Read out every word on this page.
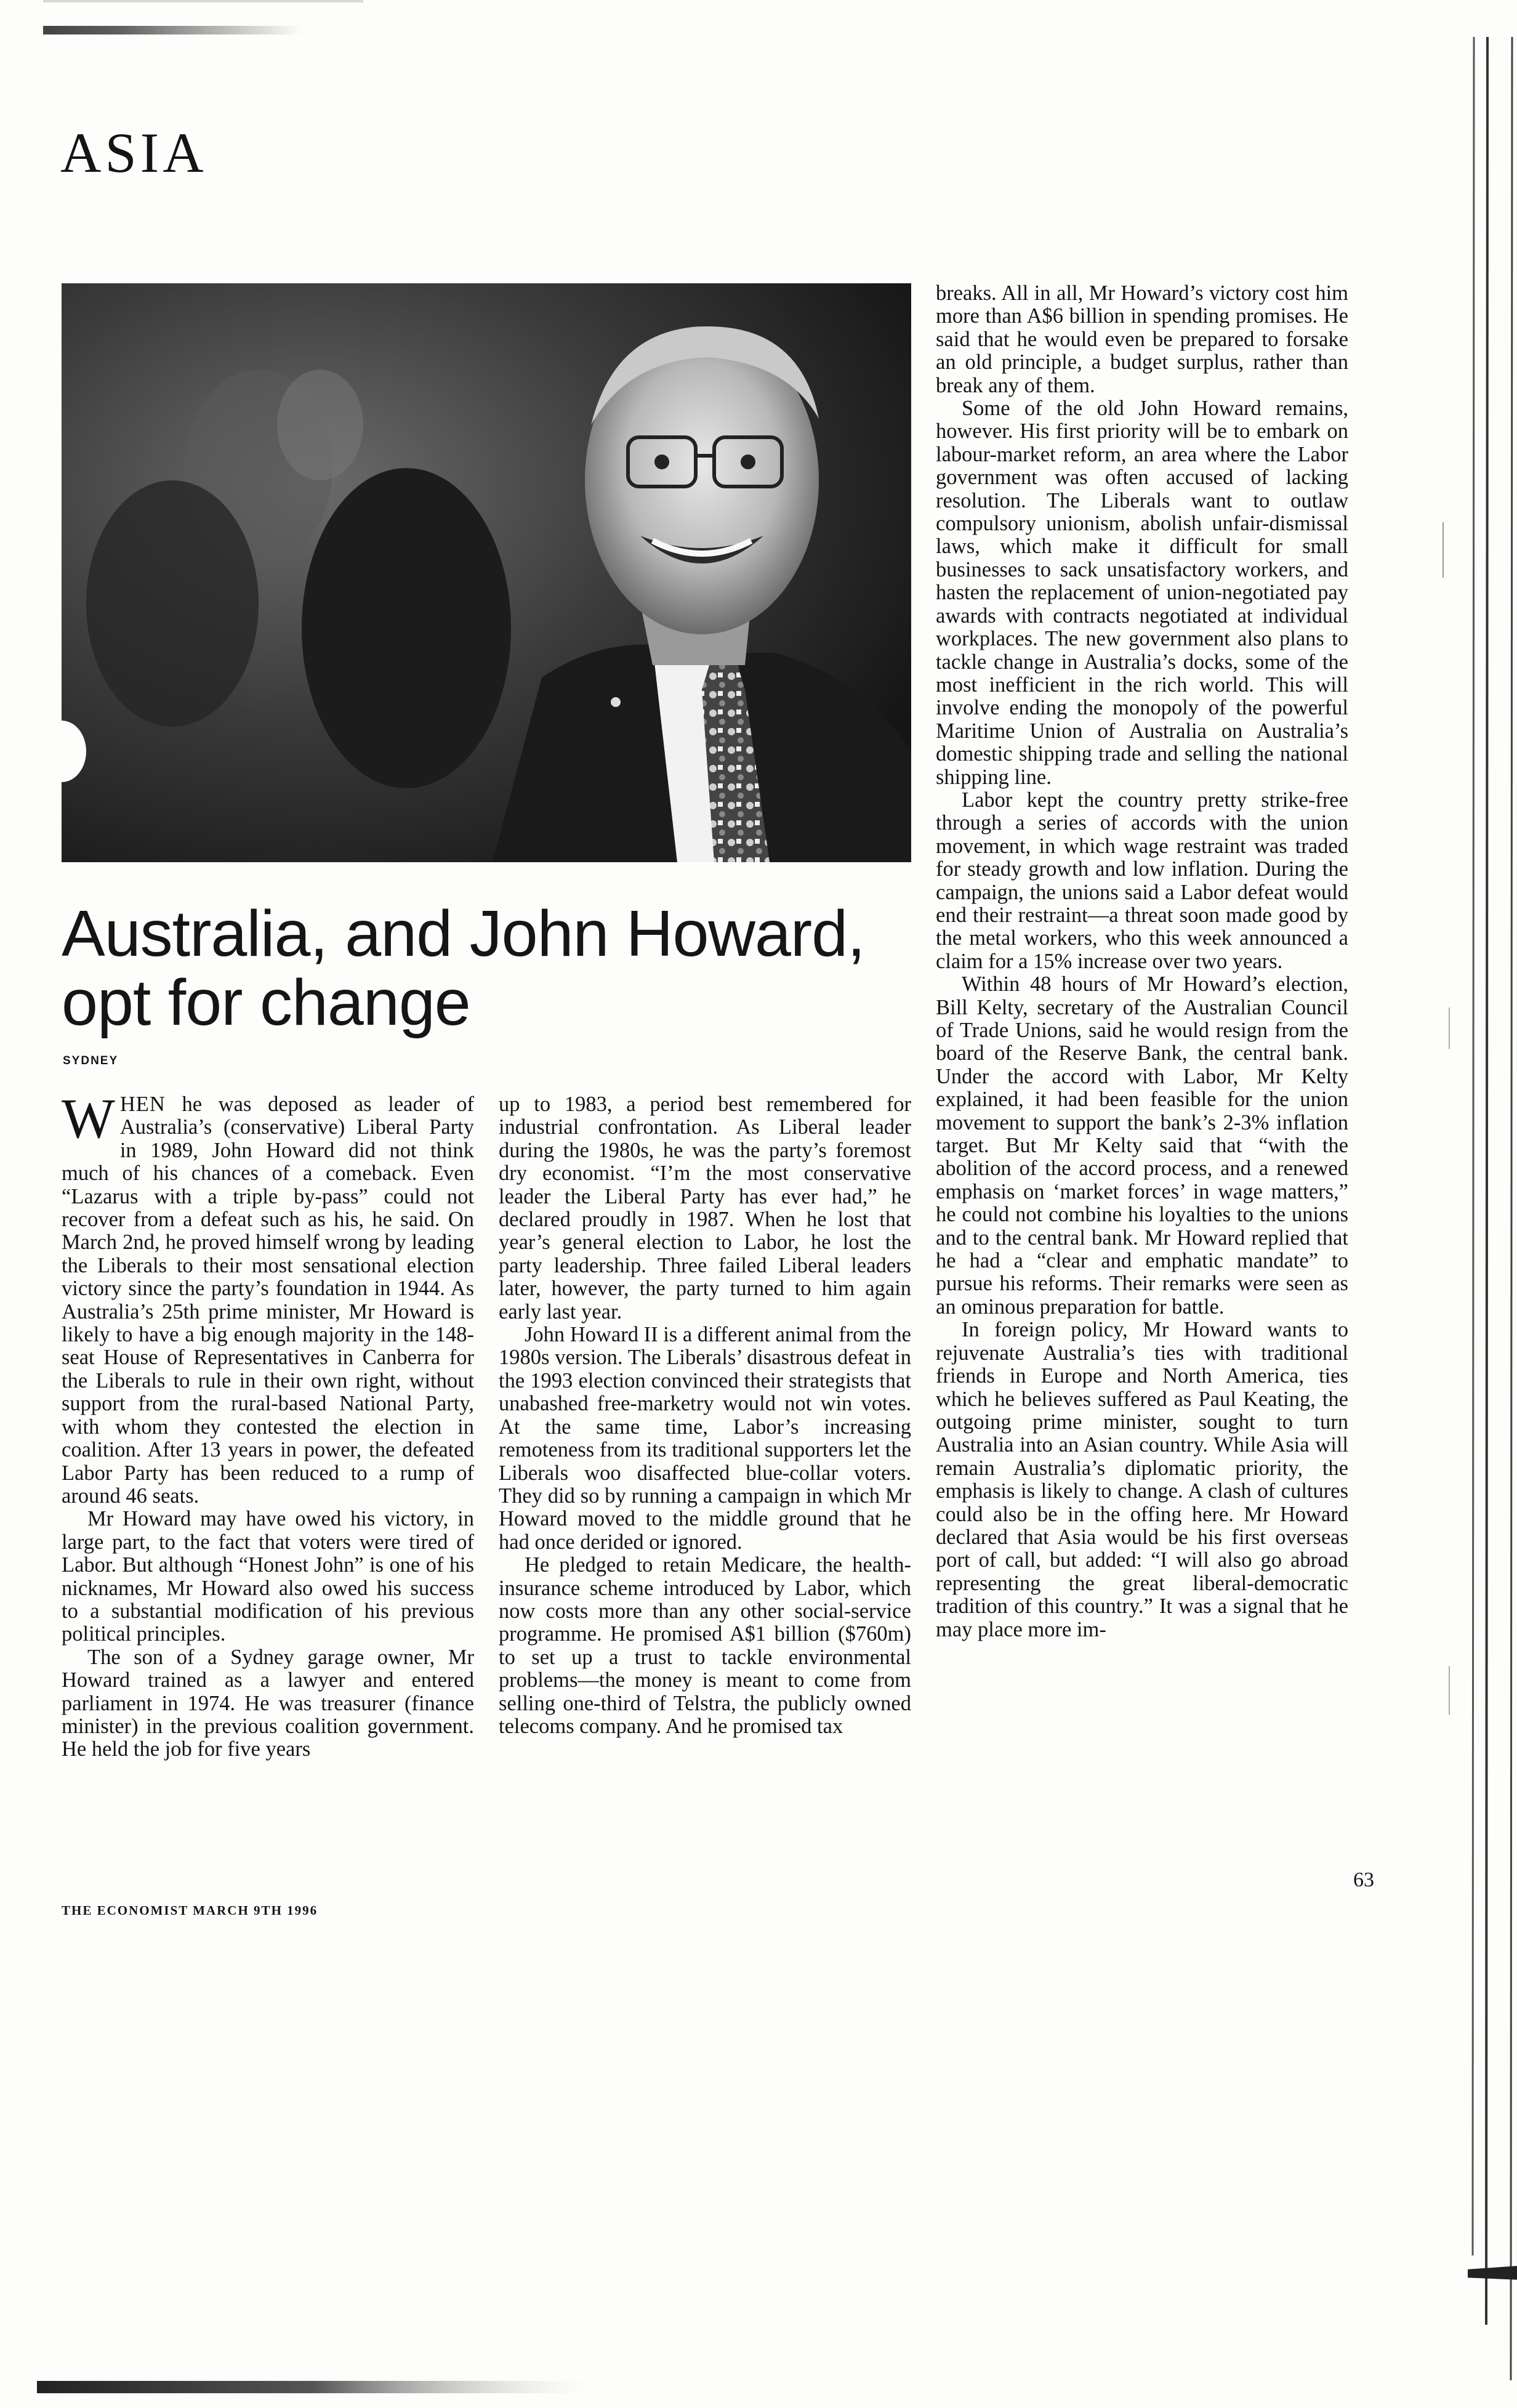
ASIA
Australia, and John Howard, opt for change
SYDNEY

WHEN he was deposed as leader of Australia’s (conservative) Liberal Party in 1989, John Howard did not think much of his chances of a comeback. Even “Lazarus with a triple by-pass” could not recover from a defeat such as his, he said. On March 2nd, he proved himself wrong by leading the Liberals to their most sensational election victory since the party’s foundation in 1944. As Australia’s 25th prime minister, Mr Howard is likely to have a big enough majority in the 148-seat House of Representatives in Canberra for the Liberals to rule in their own right, without support from the rural-based National Party, with whom they contested the election in coalition. After 13 years in power, the defeated Labor Party has been reduced to a rump of around 46 seats.

Mr Howard may have owed his victory, in large part, to the fact that voters were tired of Labor. But although “Honest John” is one of his nicknames, Mr Howard also owed his success to a substantial modification of his previous political principles.

The son of a Sydney garage owner, Mr Howard trained as a lawyer and entered parliament in 1974. He was treasurer (finance minister) in the previous coalition government. He held the job for five years

up to 1983, a period best remembered for industrial confrontation. As Liberal leader during the 1980s, he was the party’s foremost dry economist. “I’m the most conservative leader the Liberal Party has ever had,” he declared proudly in 1987. When he lost that year’s general election to Labor, he lost the party leadership. Three failed Liberal leaders later, however, the party turned to him again early last year.

John Howard II is a different animal from the 1980s version. The Liberals’ disastrous defeat in the 1993 election convinced their strategists that unabashed free-marketry would not win votes. At the same time, Labor’s increasing remoteness from its traditional supporters let the Liberals woo disaffected blue-collar voters. They did so by running a campaign in which Mr Howard moved to the middle ground that he had once derided or ignored.

He pledged to retain Medicare, the health-insurance scheme introduced by Labor, which now costs more than any other social-service programme. He promised A$1 billion ($760m) to set up a trust to tackle environmental problems—the money is meant to come from selling one-third of Telstra, the publicly owned telecoms company. And he promised tax

breaks. All in all, Mr Howard’s victory cost him more than A$6 billion in spending promises. He said that he would even be prepared to forsake an old principle, a budget surplus, rather than break any of them.

Some of the old John Howard remains, however. His first priority will be to embark on labour-market reform, an area where the Labor government was often accused of lacking resolution. The Liberals want to outlaw compulsory unionism, abolish unfair-dismissal laws, which make it difficult for small businesses to sack unsatisfactory workers, and hasten the replacement of union-negotiated pay awards with contracts negotiated at individual workplaces. The new government also plans to tackle change in Australia’s docks, some of the most inefficient in the rich world. This will involve ending the monopoly of the powerful Maritime Union of Australia on Australia’s domestic shipping trade and selling the national shipping line.

Labor kept the country pretty strike-free through a series of accords with the union movement, in which wage restraint was traded for steady growth and low inflation. During the campaign, the unions said a Labor defeat would end their restraint—a threat soon made good by the metal workers, who this week announced a claim for a 15% increase over two years.

Within 48 hours of Mr Howard’s election, Bill Kelty, secretary of the Australian Council of Trade Unions, said he would resign from the board of the Reserve Bank, the central bank. Under the accord with Labor, Mr Kelty explained, it had been feasible for the union movement to support the bank’s 2-3% inflation target. But Mr Kelty said that “with the abolition of the accord process, and a renewed emphasis on ‘market forces’ in wage matters,” he could not combine his loyalties to the unions and to the central bank. Mr Howard replied that he had a “clear and emphatic mandate” to pursue his reforms. Their remarks were seen as an ominous preparation for battle.

In foreign policy, Mr Howard wants to rejuvenate Australia’s ties with traditional friends in Europe and North America, ties which he believes suffered as Paul Keating, the outgoing prime minister, sought to turn Australia into an Asian country. While Asia will remain Australia’s diplomatic priority, the emphasis is likely to change. A clash of cultures could also be in the offing here. Mr Howard declared that Asia would be his first overseas port of call, but added: “I will also go abroad representing the great liberal-democratic tradition of this country.” It was a signal that he may place more im-

THE ECONOMIST MARCH 9TH 1996
63
